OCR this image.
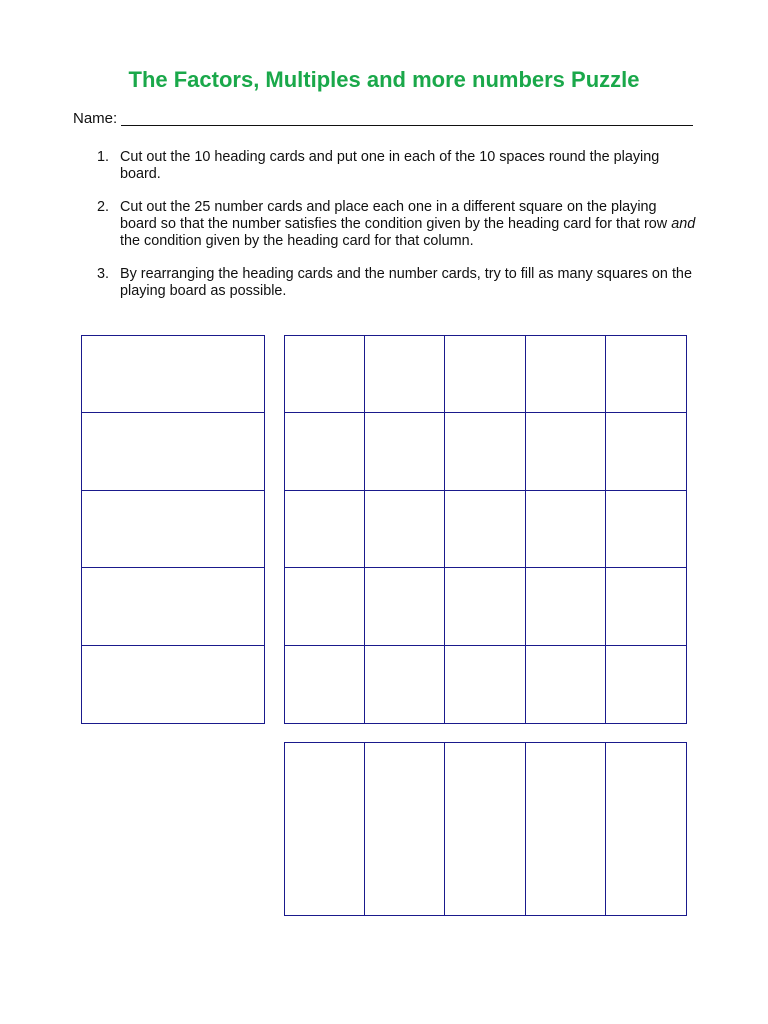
The Factors, Multiples and more numbers Puzzle
Name:
1. Cut out the 10 heading cards and put one in each of the 10 spaces round the playing board.
2. Cut out the 25 number cards and place each one in a different square on the playing board so that the number satisfies the condition given by the heading card for that row and the condition given by the heading card for that column.
3. By rearranging the heading cards and the number cards, try to fill as many squares on the playing board as possible.
